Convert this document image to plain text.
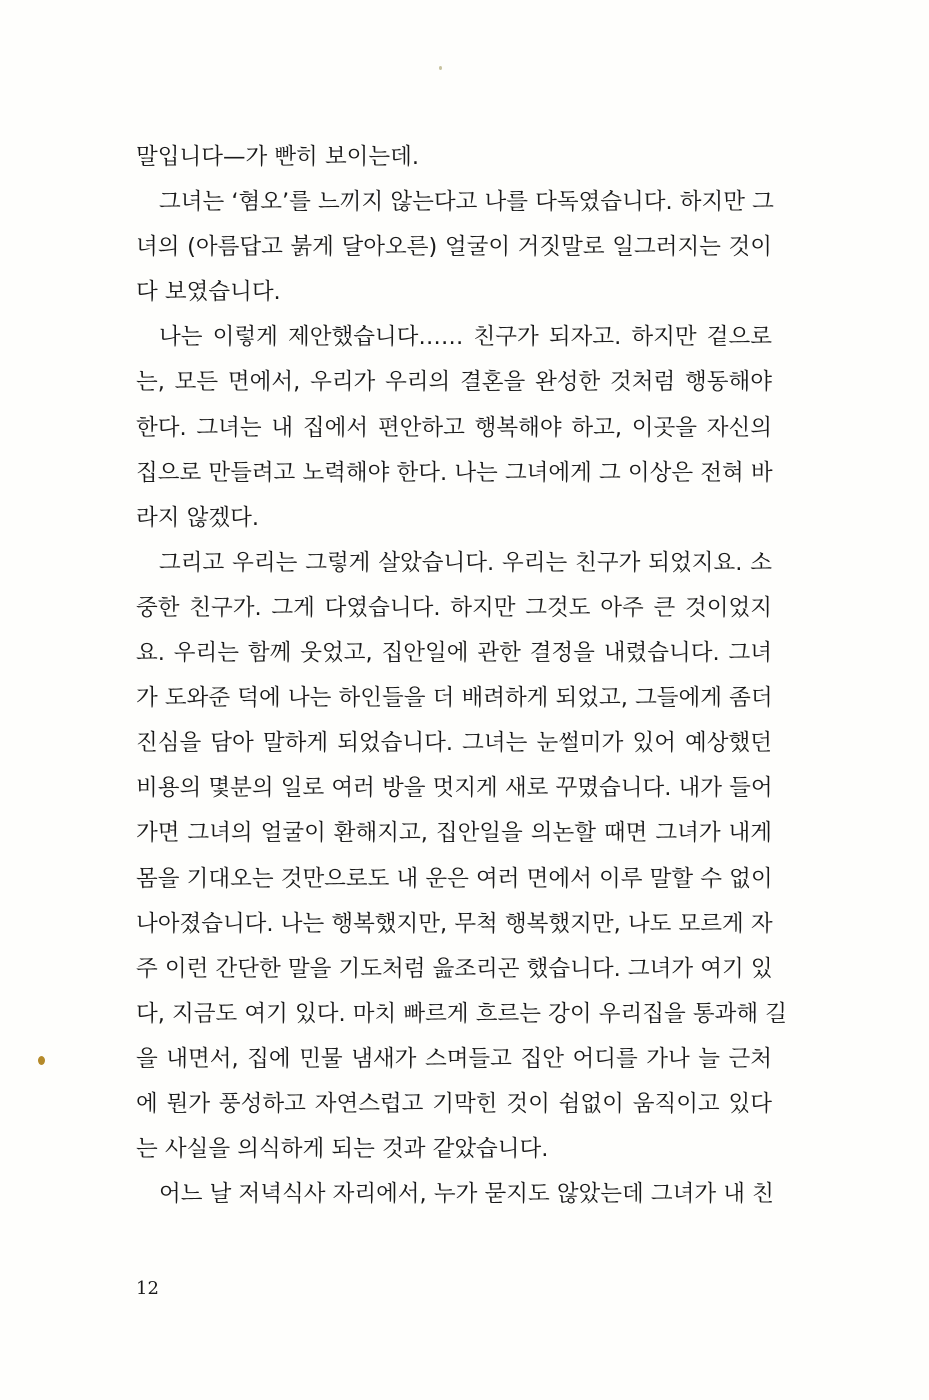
말입니다—가 빤히 보이는데.
그녀는 ‘혐오’를 느끼지 않는다고 나를 다독였습니다. 하지만 그
녀의 (아름답고 붉게 달아오른) 얼굴이 거짓말로 일그러지는 것이
다 보였습니다.
나는 이렇게 제안했습니다…… 친구가 되자고. 하지만 겉으로
는, 모든 면에서, 우리가 우리의 결혼을 완성한 것처럼 행동해야
한다. 그녀는 내 집에서 편안하고 행복해야 하고, 이곳을 자신의
집으로 만들려고 노력해야 한다. 나는 그녀에게 그 이상은 전혀 바
라지 않겠다.
그리고 우리는 그렇게 살았습니다. 우리는 친구가 되었지요. 소
중한 친구가. 그게 다였습니다. 하지만 그것도 아주 큰 것이었지
요. 우리는 함께 웃었고, 집안일에 관한 결정을 내렸습니다. 그녀
가 도와준 덕에 나는 하인들을 더 배려하게 되었고, 그들에게 좀더
진심을 담아 말하게 되었습니다. 그녀는 눈썰미가 있어 예상했던
비용의 몇분의 일로 여러 방을 멋지게 새로 꾸몄습니다. 내가 들어
가면 그녀의 얼굴이 환해지고, 집안일을 의논할 때면 그녀가 내게
몸을 기대오는 것만으로도 내 운은 여러 면에서 이루 말할 수 없이
나아졌습니다. 나는 행복했지만, 무척 행복했지만, 나도 모르게 자
주 이런 간단한 말을 기도처럼 읊조리곤 했습니다. 그녀가 여기 있
다, 지금도 여기 있다. 마치 빠르게 흐르는 강이 우리집을 통과해 길
을 내면서, 집에 민물 냄새가 스며들고 집안 어디를 가나 늘 근처
에 뭔가 풍성하고 자연스럽고 기막힌 것이 쉼없이 움직이고 있다
는 사실을 의식하게 되는 것과 같았습니다.
어느 날 저녁식사 자리에서, 누가 묻지도 않았는데 그녀가 내 친
12
